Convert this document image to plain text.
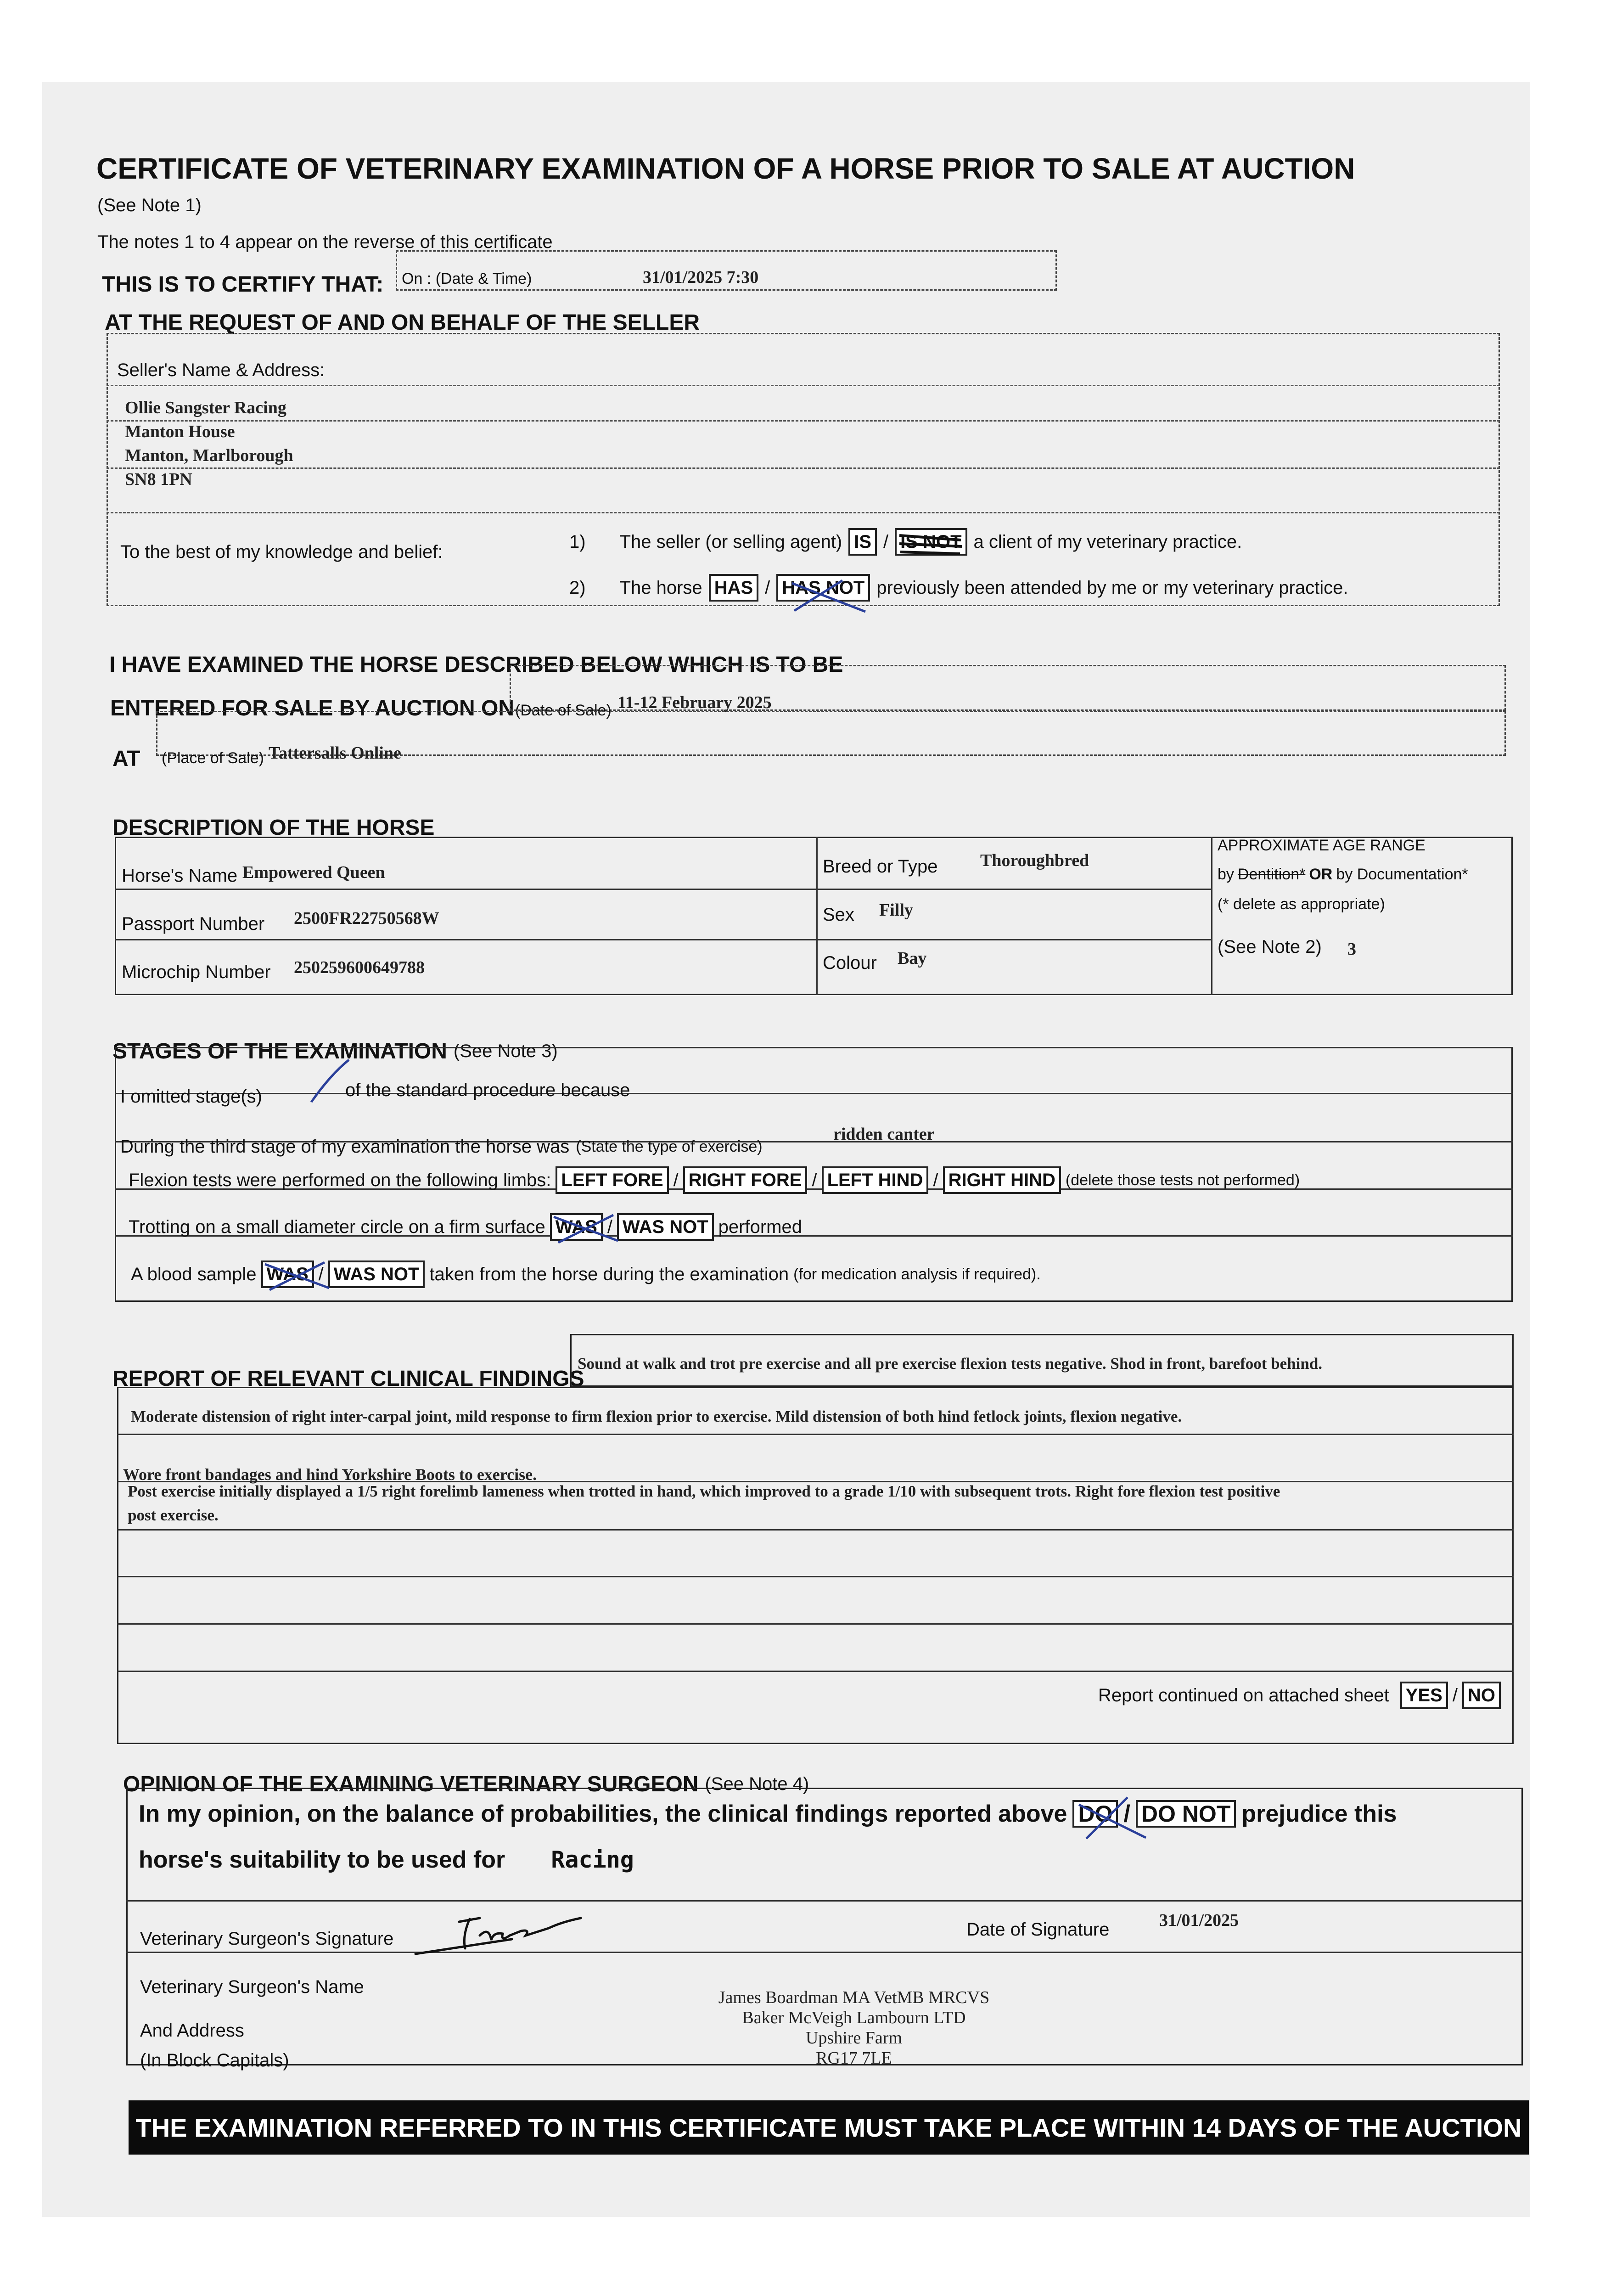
CERTIFICATE OF VETERINARY EXAMINATION OF A HORSE PRIOR TO SALE AT AUCTION
(See Note 1)
The notes 1 to 4 appear on the reverse of this certificate
THIS IS TO CERTIFY THAT: On : (Date & Time)	31/01/2025 7:30
AT THE REQUEST OF AND ON BEHALF OF THE SELLER
Seller's Name & Address:
Ollie Sangster Racing
Manton House
Manton, Marlborough
SN8 1PN
To the best of my knowledge and belief:
1) The seller (or selling agent) IS / IS NOT a client of my veterinary practice.
2) The horse HAS / HAS NOT previously been attended by me or my veterinary practice.
I HAVE EXAMINED THE HORSE DESCRIBED BELOW WHICH IS TO BE
ENTERED FOR SALE BY AUCTION ON (Date of Sale) 11-12 February 2025
AT (Place of Sale) Tattersalls Online
DESCRIPTION OF THE HORSE
Horse's Name Empowered Queen
Passport Number 2500FR22750568W
Microchip Number 250259600649788
Breed or Type Thoroughbred
Sex Filly
Colour Bay
APPROXIMATE AGE RANGE
by Dentition* OR by Documentation*
(* delete as appropriate)
(See Note 2) 3
STAGES OF THE EXAMINATION (See Note 3)
I omitted stage(s)	of the standard procedure because
During the third stage of my examination the horse was (State the type of exercise)
ridden canter
Flexion tests were performed on the following limbs: LEFT FORE / RIGHT FORE / LEFT HIND / RIGHT HIND (delete those tests not performed)
Trotting on a small diameter circle on a firm surface WAS / WAS NOT performed
A blood sample WAS / WAS NOT taken from the horse during the examination (for medication analysis if required).
REPORT OF RELEVANT CLINICAL FINDINGS
Sound at walk and trot pre exercise and all pre exercise flexion tests negative. Shod in front, barefoot behind.
Moderate distension of right inter-carpal joint, mild response to firm flexion prior to exercise. Mild distension of both hind fetlock joints, flexion negative.
Wore front bandages and hind Yorkshire Boots to exercise.
Post exercise initially displayed a 1/5 right forelimb lameness when trotted in hand, which improved to a grade 1/10 with subsequent trots. Right fore flexion test positive
post exercise.
Report continued on attached sheet YES / NO
OPINION OF THE EXAMINING VETERINARY SURGEON (See Note 4)
In my opinion, on the balance of probabilities, the clinical findings reported above DO / DO NOT prejudice this
horse's suitability to be used for Racing
Veterinary Surgeon's Signature	Date of Signature	31/01/2025
Veterinary Surgeon's Name
And Address
(In Block Capitals)
James Boardman MA VetMB MRCVS
Baker McVeigh Lambourn LTD
Upshire Farm
RG17 7LE
THE EXAMINATION REFERRED TO IN THIS CERTIFICATE MUST TAKE PLACE WITHIN 14 DAYS OF THE AUCTION
